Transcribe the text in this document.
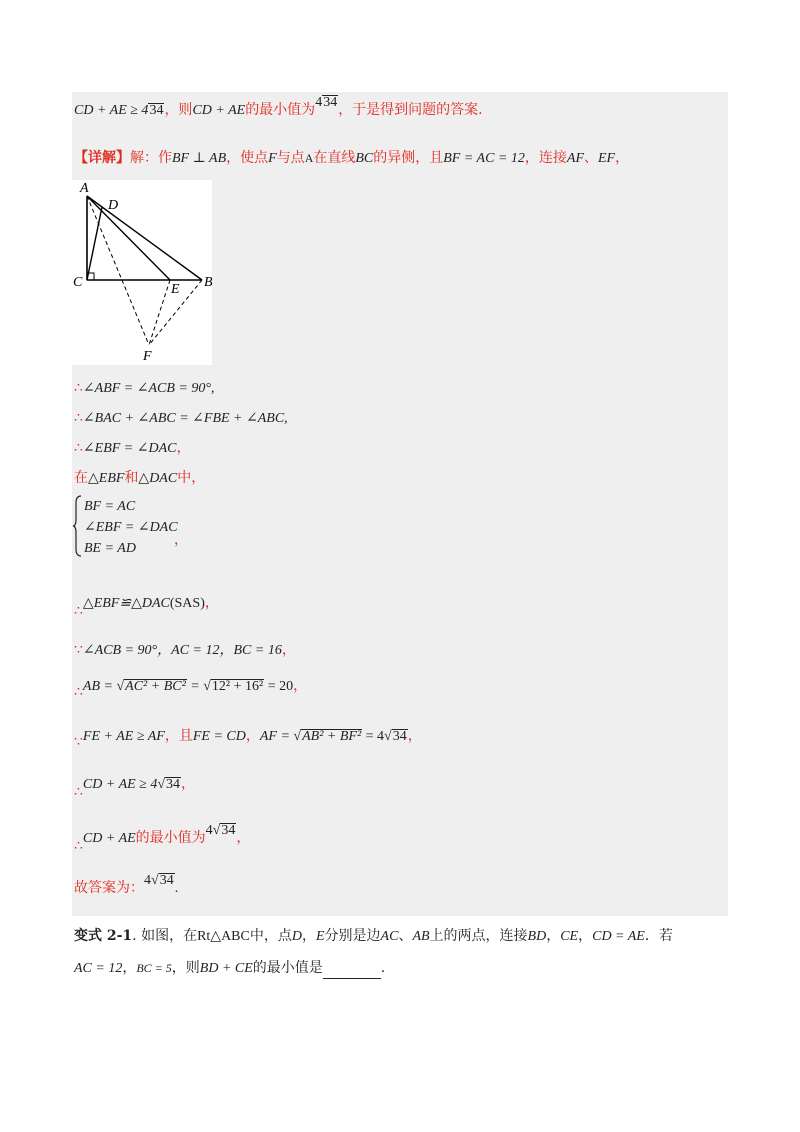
CD + AE ≥ 434，则CD + AE的最小值为434，于是得到问题的答案.
【详解】解：作BF ⊥ AB，使点F与点A在直线BC的异侧，且BF = AC = 12，连接AF、EF，
A
D
C	E B
F
∴∠ABF = ∠ACB = 90°,
∴∠BAC + ∠ABC = ∠FBE + ∠ABC,
∴∠EBF = ∠DAC，
在△EBF和△DAC中，
BF = AC
∠EBF = ∠DAC
BE = AD
，
∴△EBF≌△DAC(SAS)，
∵∠ACB = 90°，AC = 12，BC = 16，
∴AB = √AC² + BC² = √12² + 16² = 20，
∵FE + AE ≥ AF，且FE = CD，AF = √AB² + BF² = 4√34，
∴CD + AE ≥ 4√34，
∴CD + AE的最小值为4√34，
故答案为：4√34.
变式 2-1. 如图，在Rt△ABC中，点D，E分别是边AC、AB上的两点，连接BD，CE，CD = AE．若
AC = 12，BC = 5，则BD + CE的最小值是	.
